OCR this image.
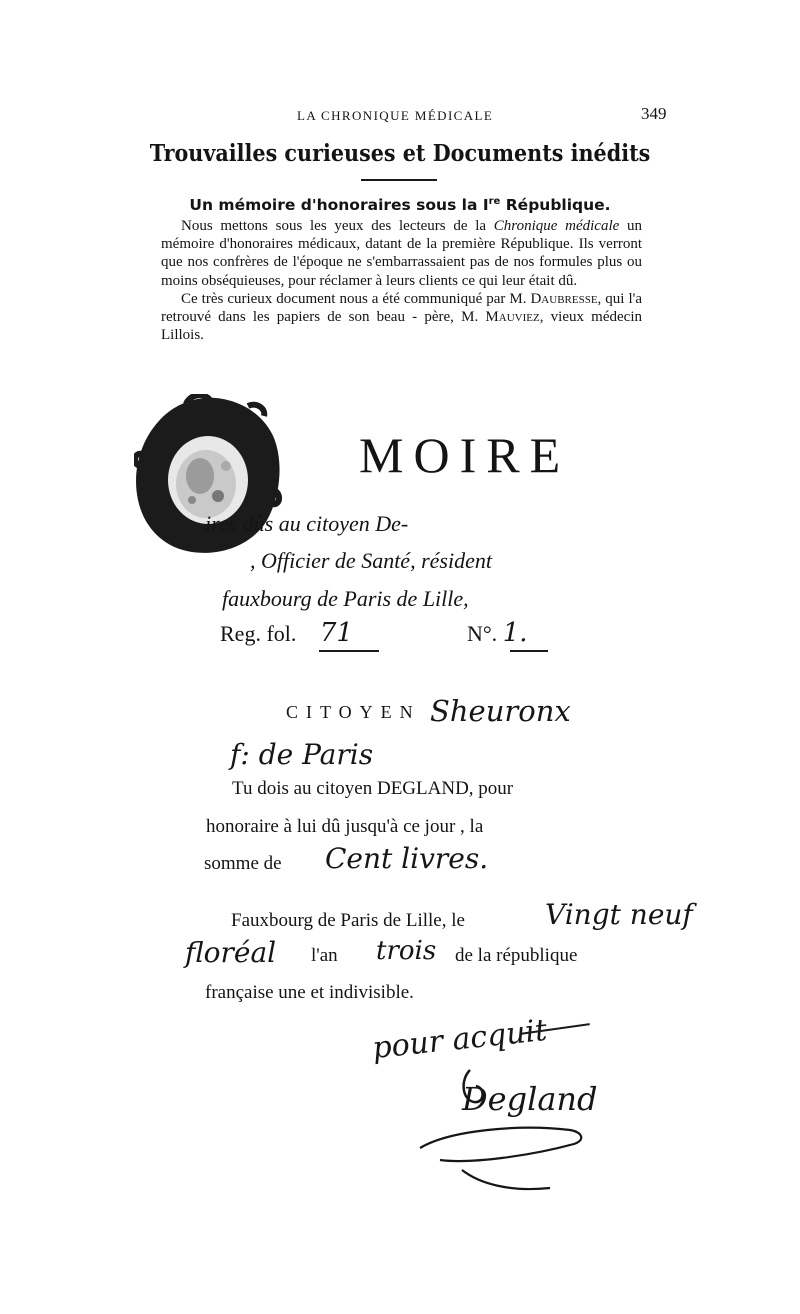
LA CHRONIQUE MÉDICALE	349
Trouvailles curieuses et Documents inédits
Un mémoire d'honoraires sous la Ire République.

Nous mettons sous les yeux des lecteurs de la Chronique médicale un mémoire d'honoraires médicaux, datant de la première République. Ils verront que nos confrères de l'époque ne s'embarrassaient pas de nos formules plus ou moins obséquieuses, pour réclamer à leurs clients ce qui leur était dû.

Ce très curieux document nous a été communiqué par M. Daubresse, qui l'a retrouvé dans les papiers de son beau - père, M. Mauviez, vieux médecin Lillois.

MOIRE
ires dûs au citoyen De-
, Officier de Santé, résident
fauxbourg de Paris de Lille,
Reg. fol. 71	N°. 1.
CITOYEN Sheuronx
f: de Paris
Tu dois au citoyen DEGLAND, pour
honoraire à lui dû jusqu'à ce jour , la
somme de Cent livres.
Fauxbourg de Paris de Lille, le	Vingt neuf
floréal l'an trois de la république
française une et indivisible.
pour acquit
Degland
